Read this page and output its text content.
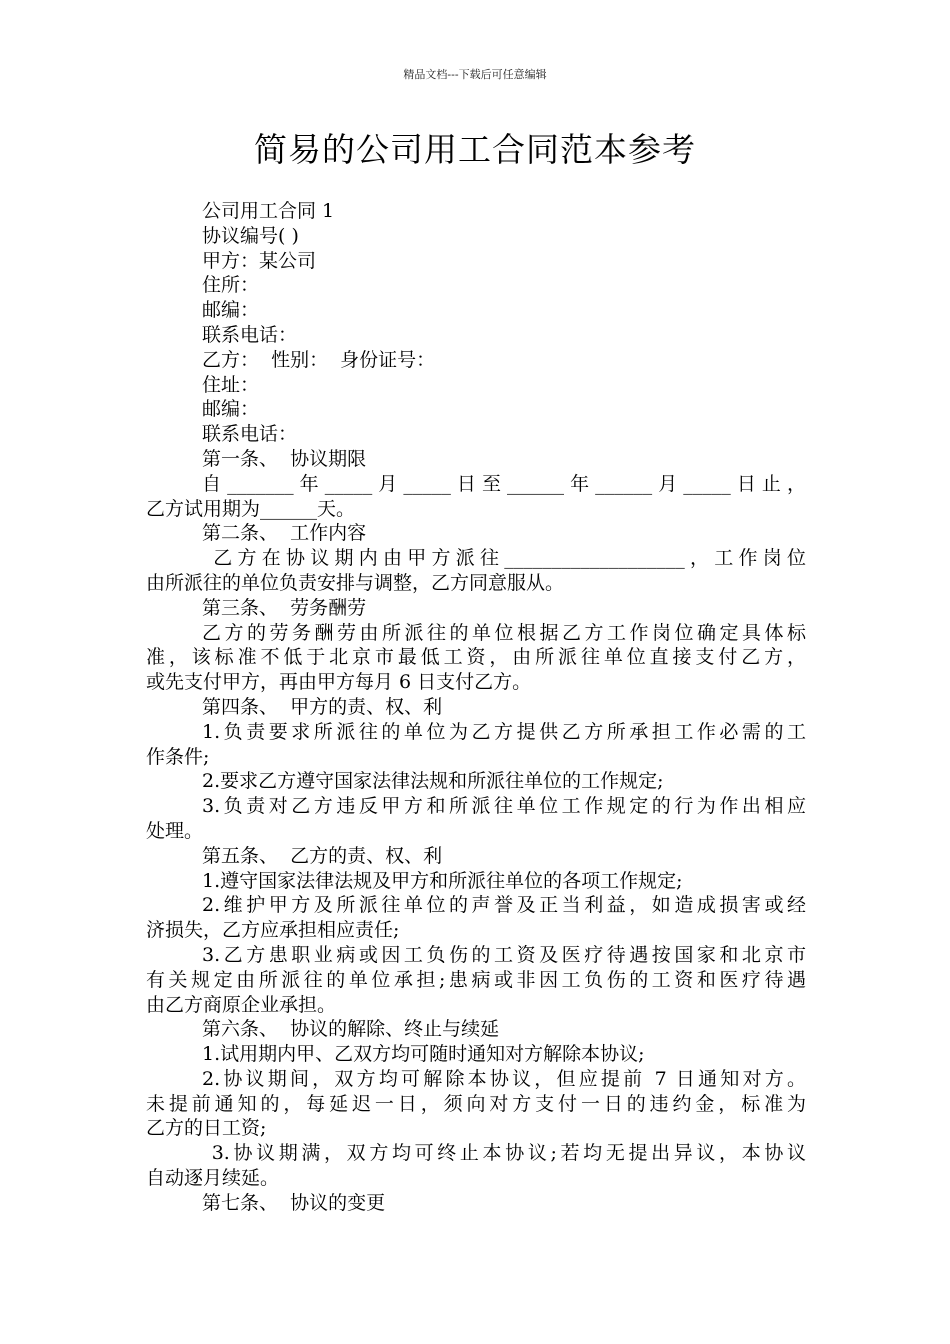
精品文档---下载后可任意编辑
简易的公司用工合同范本参考

公司用工合同 1

协议编号( )

甲方：某公司

住所：

邮编：

联系电话：

乙方：  性别：  身份证号：

住址：

邮编：

联系电话：

第一条、  协议期限

自_______年_____月_____日至______年______月_____日止，

乙方试用期为______天。

第二条、  工作内容

乙方在协议期内由甲方派往___________________，工作岗位

由所派往的单位负责安排与调整，乙方同意服从。

第三条、  劳务酬劳

乙方的劳务酬劳由所派往的单位根据乙方工作岗位确定具体标

准，该标准不低于北京市最低工资，由所派往单位直接支付乙方，

或先支付甲方，再由甲方每月 6 日支付乙方。

第四条、  甲方的责、权、利

1.负责要求所派往的单位为乙方提供乙方所承担工作必需的工

作条件;

2.要求乙方遵守国家法律法规和所派往单位的工作规定;

3.负责对乙方违反甲方和所派往单位工作规定的行为作出相应

处理。

第五条、  乙方的责、权、利

1.遵守国家法律法规及甲方和所派往单位的各项工作规定;

2.维护甲方及所派往单位的声誉及正当利益，如造成损害或经

济损失，乙方应承担相应责任;

3.乙方患职业病或因工负伤的工资及医疗待遇按国家和北京市

有关规定由所派往的单位承担;患病或非因工负伤的工资和医疗待遇

由乙方商原企业承担。

第六条、  协议的解除、终止与续延

1.试用期内甲、乙双方均可随时通知对方解除本协议;

2.协议期间，双方均可解除本协议，但应提前 7 日通知对方。

未提前通知的，每延迟一日，须向对方支付一日的违约金，标准为

乙方的日工资;

3.协议期满，双方均可终止本协议;若均无提出异议，本协议

自动逐月续延。

第七条、  协议的变更
